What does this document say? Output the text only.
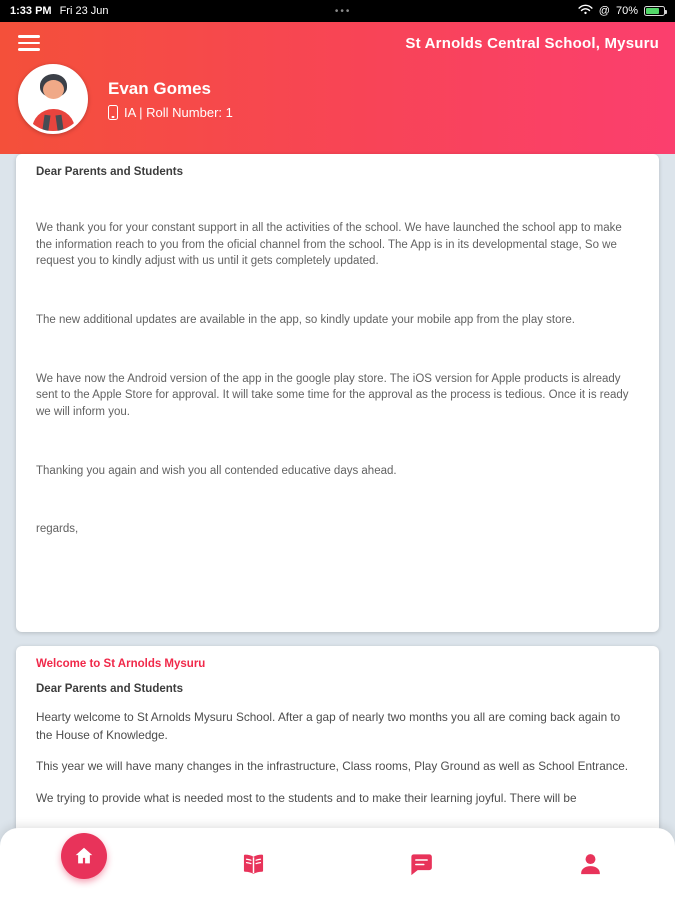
1:33 PM Fri 23 Jun	•••	@ 70%
St Arnolds Central School, Mysuru
Evan Gomes
IA | Roll Number: 1
Dear Parents and Students

We thank you for your constant support in all the activities of the school. We have launched the school app to make the information reach to you from the oficial channel from the school. The App is in its developmental stage, So we request you to kindly adjust with us until it gets completely updated.

The new additional updates are available in the app, so kindly update your mobile app from the play store.

We have now the Android version of the app in the google play store. The iOS version for Apple products is already sent to the Apple Store for approval. It will take some time for the approval as the process is tedious. Once it is ready we will inform you.

Thanking you again and wish you all contended educative days ahead.

regards,

Welcome to St Arnolds Mysuru
Dear Parents and Students

Hearty welcome to St Arnolds Mysuru School. After a gap of nearly two months you all are coming back again to the House of Knowledge.

This year we will have many changes in the infrastructure, Class rooms, Play Ground as well as School Entrance.

We trying to provide what is needed most to the students and to make their learning joyful. There will be
